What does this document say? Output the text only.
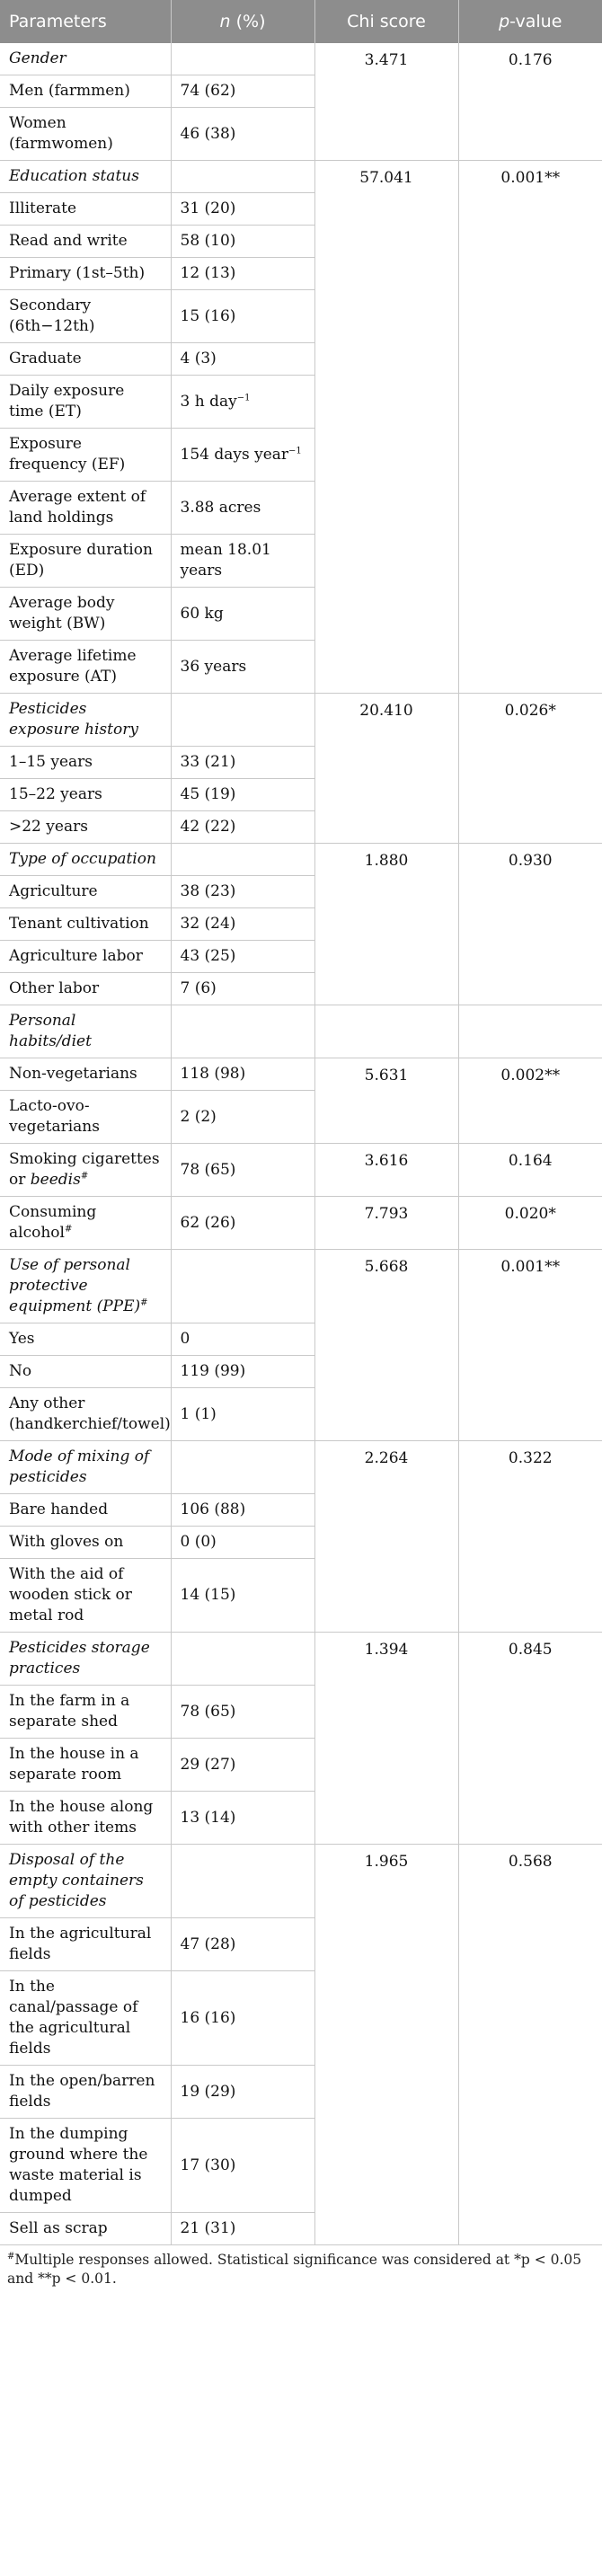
Parameters	n (%)	Chi score	p-value
Gender		3.471	0.176
Men (farmmen)	74 (62)		
Women (farmwomen)	46 (38)		
Education status		57.041	0.001**
Illiterate	31 (20)		
Read and write	58 (10)		
Primary (1st–5th)	12 (13)		
Secondary (6th−12th)	15 (16)		
Graduate	4 (3)		
Daily exposure time (ET)	3 h day$^{-1}$
Exposure frequency (EF)	154 days year$^{-1}$
Average extent of land holdings	3.88 acres		
Exposure duration (ED)	mean 18.01 years		
Average body weight (BW)	60 kg		
Average lifetime exposure (AT)	36 years		
Pesticides exposure history		20.410	0.026*
1–15 years	33 (21)		
15–22 years	45 (19)		
>22 years	42 (22)		
Type of occupation		1.880	0.930
Agriculture	38 (23)		
Tenant cultivation	32 (24)		
Agriculture labor	43 (25)		
Other labor	7 (6)		
Personal habits/diet			
Non-vegetarians	118 (98)	5.631	0.002**
Lacto-ovo-vegetarians	2 (2)		
Smoking cigarettes or beedis#	78 (65)	3.616	0.164
Consuming alcohol#	62 (26)	7.793	0.020*
Use of personal protective equipment (PPE)#		5.668	0.001**
Yes	0		
No	119 (99)		
Any other (handkerchief/towel)	1 (1)		
Mode of mixing of pesticides		2.264	0.322
Bare handed	106 (88)		
With gloves on	0 (0)		
With the aid of wooden stick or metal rod	14 (15)		
Pesticides storage practices		1.394	0.845
In the farm in a separate shed	78 (65)		
In the house in a separate room	29 (27)		
In the house along with other items	13 (14)		
Disposal of the empty containers of pesticides		1.965	0.568
In the agricultural fields	47 (28)		
In the canal/passage of the agricultural fields	16 (16)		
In the open/barren fields	19 (29)		
In the dumping ground where the waste material is dumped	17 (30)		
Sell as scrap	21 (31)		
#Multiple responses allowed. Statistical significance was considered at *p < 0.05 and **p < 0.01.
